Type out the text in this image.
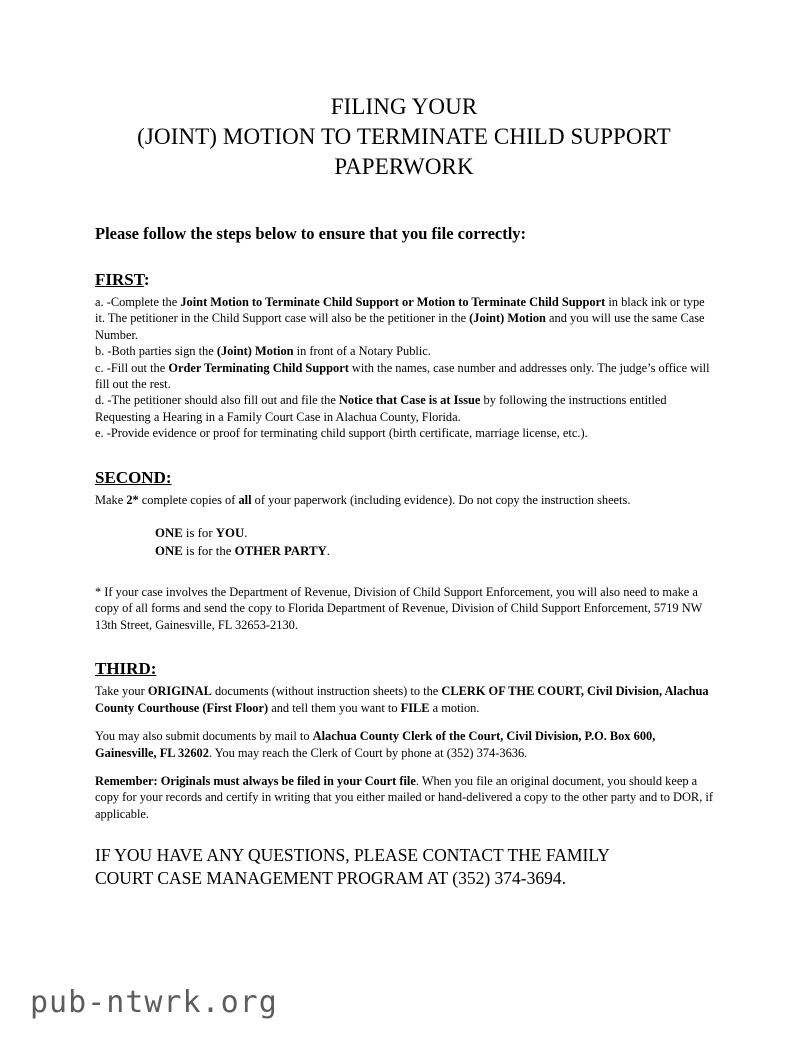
FILING YOUR
(JOINT) MOTION TO TERMINATE CHILD SUPPORT
PAPERWORK
Please follow the steps below to ensure that you file correctly:
FIRST:

a. -Complete the Joint Motion to Terminate Child Support or Motion to Terminate Child Support in black ink or type it. The petitioner in the Child Support case will also be the petitioner in the (Joint) Motion and you will use the same Case Number.

b. -Both parties sign the (Joint) Motion in front of a Notary Public.

c. -Fill out the Order Terminating Child Support with the names, case number and addresses only. The judge’s office will fill out the rest.

d. -The petitioner should also fill out and file the Notice that Case is at Issue by following the instructions entitled Requesting a Hearing in a Family Court Case in Alachua County, Florida.

e. -Provide evidence or proof for terminating child support (birth certificate, marriage license, etc.).

SECOND:

Make 2* complete copies of all of your paperwork (including evidence). Do not copy the instruction sheets.

ONE is for YOU.
ONE is for the OTHER PARTY.

* If your case involves the Department of Revenue, Division of Child Support Enforcement, you will also need to make a copy of all forms and send the copy to Florida Department of Revenue, Division of Child Support Enforcement, 5719 NW 13th Street, Gainesville, FL 32653-2130.

THIRD:

Take your ORIGINAL documents (without instruction sheets) to the CLERK OF THE COURT, Civil Division, Alachua County Courthouse (First Floor) and tell them you want to FILE a motion.

You may also submit documents by mail to Alachua County Clerk of the Court, Civil Division, P.O. Box 600, Gainesville, FL 32602. You may reach the Clerk of Court by phone at (352) 374-3636.

Remember: Originals must always be filed in your Court file. When you file an original document, you should keep a copy for your records and certify in writing that you either mailed or hand-delivered a copy to the other party and to DOR, if applicable.

IF YOU HAVE ANY QUESTIONS, PLEASE CONTACT THE FAMILY
COURT CASE MANAGEMENT PROGRAM AT (352) 374-3694.
pub-ntwrk.org
